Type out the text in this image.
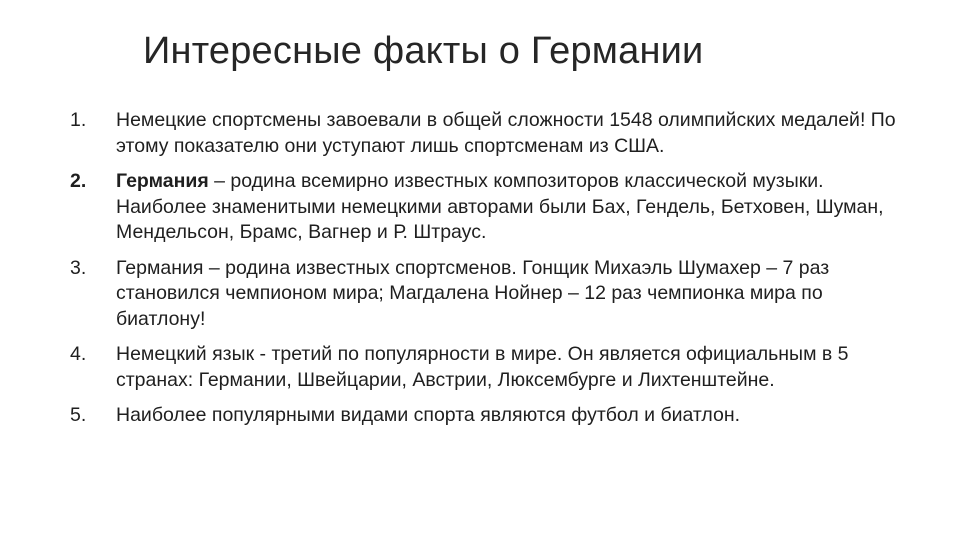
Интересные факты о Германии
1.	Немецкие спортсмены завоевали в общей сложности 1548 олимпийских медалей! По этому показателю они уступают лишь спортсменам из США.
2.	Германия – родина всемирно известных композиторов классической музыки. Наиболее знаменитыми немецкими авторами были Бах, Гендель, Бетховен, Шуман, Мендельсон, Брамс, Вагнер и Р. Штраус.
3.	Германия – родина известных спортсменов. Гонщик Михаэль Шумахер – 7 раз становился чемпионом мира; Магдалена Нойнер – 12 раз чемпионка мира по биатлону!
4.	Немецкий язык - третий по популярности в мире. Он является официальным в 5 странах: Германии, Швейцарии, Австрии, Люксембурге и Лихтенштейне.
5.	Наиболее популярными видами спорта являются футбол и биатлон.
